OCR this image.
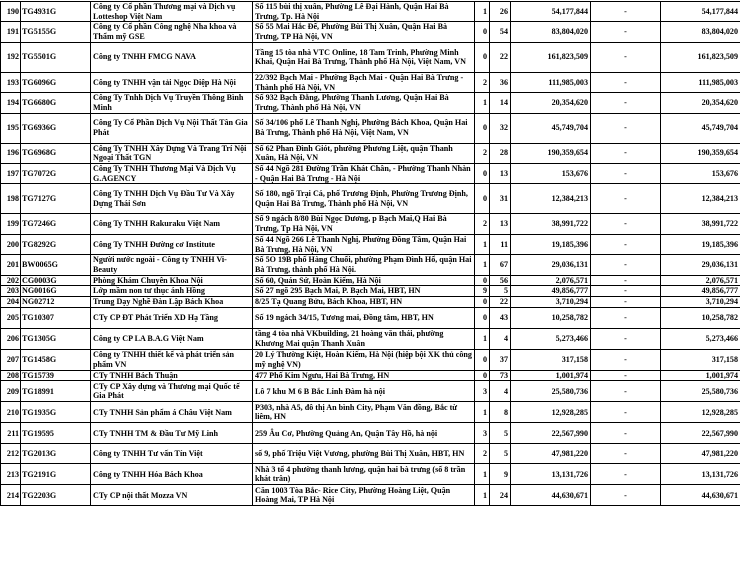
190	TG4931G	Công ty Cổ phần Thương mại và Dịch vụ Lotteshop Việt Nam	Số 115 bùi thị xuân, Phường Lê Đại Hành, Quận Hai Bà Trưng, Tp. Hà Nội	1	26	54,177,844	-	54,177,844
191	TG5155G	Công ty Cổ phần Công nghệ Nha khoa và Thẩm mỹ GSE	Số 55 Mai Hắc Đế, Phường Bùi Thị Xuân, Quận Hai Bà Trưng, TP Hà Nội, VN	0	54	83,804,020	-	83,804,020
192	TG5501G	Công ty TNHH FMCG NAVA	Tầng 15 tòa nhà VTC Online, 18 Tam Trinh, Phường Minh Khai, Quận Hai Bà Trưng, Thành phố Hà Nội, Việt Nam, VN	0	22	161,823,509	-	161,823,509
193	TG6096G	Công ty TNHH vận tải Ngọc Diệp Hà Nội	22/392 Bạch Mai - Phường Bạch Mai - Quận Hai Bà Trưng - Thành phố Hà Nội, VN	2	36	111,985,003	-	111,985,003
194	TG6680G	Công Ty Tnhh Dịch Vụ Truyền Thông Bình Minh	Số 932 Bạch Đằng, Phường Thanh Lương, Quận Hai Bà Trưng, Thành phố Hà Nội, VN	1	14	20,354,620	-	20,354,620
195	TG6936G	Công Ty Cổ Phần Dịch Vụ Nội Thất Tân Gia Phát	Số 34/106 phố Lê Thanh Nghị, Phường Bách Khoa, Quận Hai Bà Trưng, Thành phố Hà Nội, Việt Nam, VN	0	32	45,749,704	-	45,749,704
196	TG6968G	Công Ty TNHH Xây Dựng Và Trang Trí Nội Ngoại Thất TGN	Số 62 Phan Đình Giót, phường Phương Liệt, quận Thanh Xuân, Hà Nội, VN	2	28	190,359,654	-	190,359,654
197	TG7072G	Công Ty TNHH Thương Mại Và Dịch Vụ G.AGENCY	Số 44 Ngõ 281 Đường Trần Khát Chân, - Phường Thanh Nhàn - Quận Hai Bà Trưng - Hà Nội	0	13	153,676	-	153,676
198	TG7127G	Công Ty TNHH Dịch Vụ Đầu Tư Và Xây Dựng Thái Sơn	Số 180, ngõ Trại Cá, phố Trương Định, Phường Trương Định, Quận Hai Bà Trưng, Thành phố Hà Nội, VN	0	31	12,384,213	-	12,384,213
199	TG7246G	Công Ty TNHH Rakuraku Việt Nam	Số 9 ngách 8/80 Bùi Ngọc Dương, p Bạch Mai,Q Hai Bà Trưng, Tp Hà Nội, VN	2	13	38,991,722	-	38,991,722
200	TG8292G	Công Ty TNHH Đường cơ Institute	Số 44 Ngõ 266 Lê Thanh Nghị, Phường Đồng Tâm, Quận Hai Bà Trưng, Hà Nội, VN	1	11	19,185,396	-	19,185,396
201	BW0065G	Người nước ngoài - Công ty TNHH Vi-Beauty	Số 5O 19B phố Hàng Chuối, phường Phạm Đình Hổ, quận Hai Bà Trưng, thành phố Hà Nội.	1	67	29,036,131	-	29,036,131
202	CG0003G	Phòng Khám Chuyên Khoa Nội	Số 60, Quán Sứ, Hoàn Kiếm, Hà Nội	0	56	2,076,571	-	2,076,571
203	NG0016G	Lớp mầm non tư thục ánh Hồng	Số 27 ngõ 295 Bạch Mai, P. Bạch Mai, HBT, HN	9	5	49,856,777	-	49,856,777
204	NG02712	Trung Dạy Nghề Đàn Lập Bách Khoa	8/25 Tạ Quang Bửu, Bách Khoa, HBT, HN	0	22	3,710,294	-	3,710,294
205	TG10307	CTy CP ĐT Phát Triển XD Hạ Tầng	Số 19 ngách 34/15, Tương mai, Đồng tâm, HBT, HN	0	43	10,258,782	-	10,258,782
206	TG1305G	Công ty CP LA B.A.G Việt Nam	tầng 4 tòa nhà VKbuilding, 21 hoàng văn thái, phường Khương Mai quận Thanh Xuân	1	4	5,273,466	-	5,273,466
207	TG1458G	Công ty TNHH thiết kế và phát triển sản phẩm VN	20 Lý Thường Kiệt, Hoàn Kiếm, Hà Nội (hiệp bội XK thủ công mỹ nghệ VN)	0	37	317,158	-	317,158
208	TG15739	CTy TNHH Bách Thuận	477 Phố Kim Ngưu, Hai Bà Trưng, HN	0	73	1,001,974	-	1,001,974
209	TG18991	CTy CP Xây dựng và Thương mại Quốc tế Gia Phát	Lô 7 khu M 6 B Bắc Linh Đàm hà nội	3	4	25,580,736	-	25,580,736
210	TG1935G	CTy TNHH Sản phẩm á Châu Việt Nam	P303, nhà A5, đô thị An bình City, Phạm Văn đồng, Bắc từ liêm, HN	1	8	12,928,285	-	12,928,285
211	TG19595	CTy TNHH TM & Đầu Tư Mỹ Linh	259 Âu Cơ, Phường Quảng An, Quận Tây Hồ, hà nội	3	5	22,567,990	-	22,567,990
212	TG2013G	Công ty TNHH Tư vấn Tín Việt	số 9, phố Triệu Việt Vương, phường Bùi Thị Xuân, HBT, HN	2	5	47,981,220	-	47,981,220
213	TG2191G	Công ty TNHH Hóa Bách Khoa	Nhà 3 tổ 4 phường thanh lương, quận hai bà trưng (số 8 trần khát trân)	1	9	13,131,726	-	13,131,726
214	TG2203G	CTy CP nội thất Mozza VN	Căn 1003 Tòa Bắc- Rice City, Phường Hoàng Liệt, Quận Hoàng Mai, TP Hà Nội	1	24	44,630,671	-	44,630,671
